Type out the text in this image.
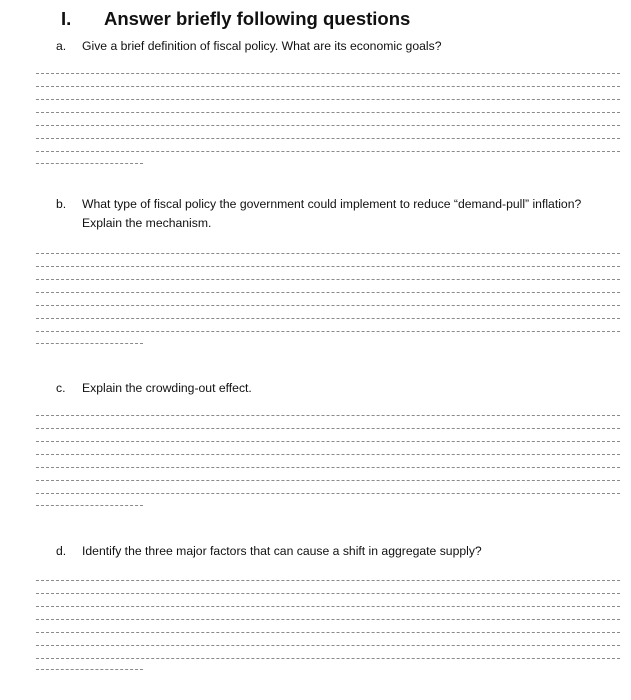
I. Answer briefly following questions
a.	Give a brief definition of fiscal policy. What are its economic goals?
b.	What type of fiscal policy the government could implement to reduce “demand-pull” inflation?
Explain the mechanism.
c.	Explain the crowding-out effect.
d.	Identify the three major factors that can cause a shift in aggregate supply?
